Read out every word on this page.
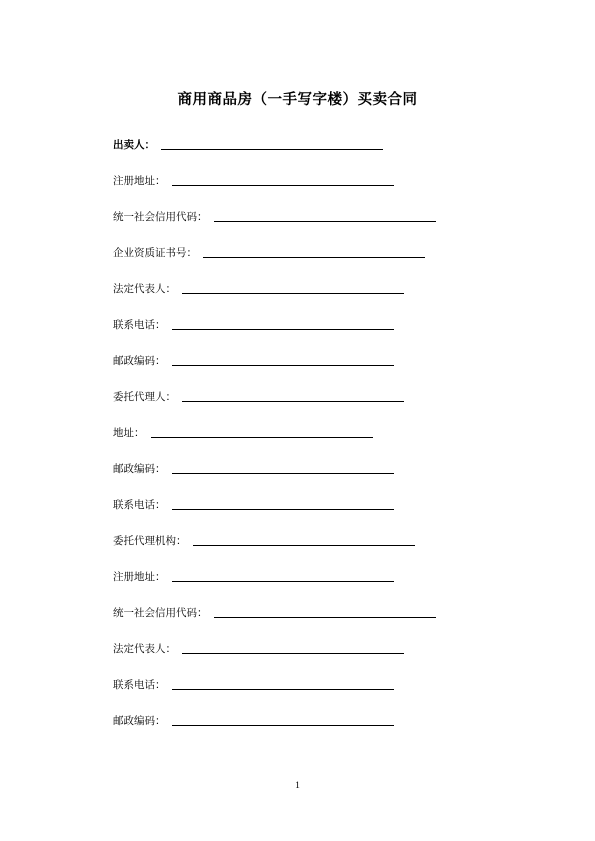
商用商品房（一手写字楼）买卖合同
出卖人：
注册地址：
统一社会信用代码：
企业资质证书号：
法定代表人：
联系电话：
邮政编码：
委托代理人：
地址：
邮政编码：
联系电话：
委托代理机构：
注册地址：
统一社会信用代码：
法定代表人：
联系电话：
邮政编码：
1
